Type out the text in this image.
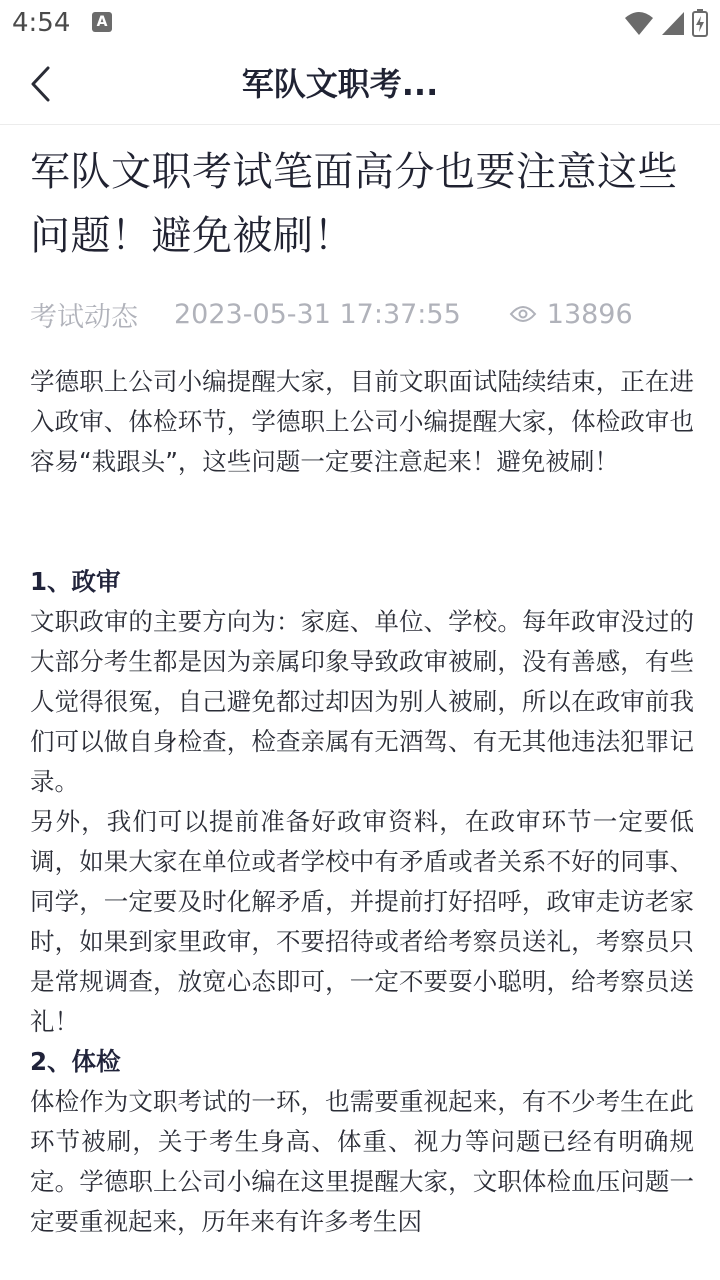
4:54	A
军队文职考...
军队文职考试笔面高分也要注意这些问题！避免被刷！
考试动态 2023-05-31 17:37:55	13896

学德职上公司小编提醒大家，目前文职面试陆续结束，正在进入政审、体检环节，学德职上公司小编提醒大家，体检政审也容易“栽跟头”，这些问题一定要注意起来！避免被刷！

1、政审

文职政审的主要方向为：家庭、单位、学校。每年政审没过的大部分考生都是因为亲属印象导致政审被刷，没有善感，有些人觉得很冤，自己避免都过却因为别人被刷，所以在政审前我们可以做自身检查，检查亲属有无酒驾、有无其他违法犯罪记录。

另外，我们可以提前准备好政审资料，在政审环节一定要低调，如果大家在单位或者学校中有矛盾或者关系不好的同事、同学，一定要及时化解矛盾，并提前打好招呼，政审走访老家时，如果到家里政审，不要招待或者给考察员送礼，考察员只是常规调查，放宽心态即可，一定不要耍小聪明，给考察员送礼！

2、体检

体检作为文职考试的一环，也需要重视起来，有不少考生在此环节被刷，关于考生身高、体重、视力等问题已经有明确规定。学德职上公司小编在这里提醒大家，文职体检血压问题一定要重视起来，历年来有许多考生因
